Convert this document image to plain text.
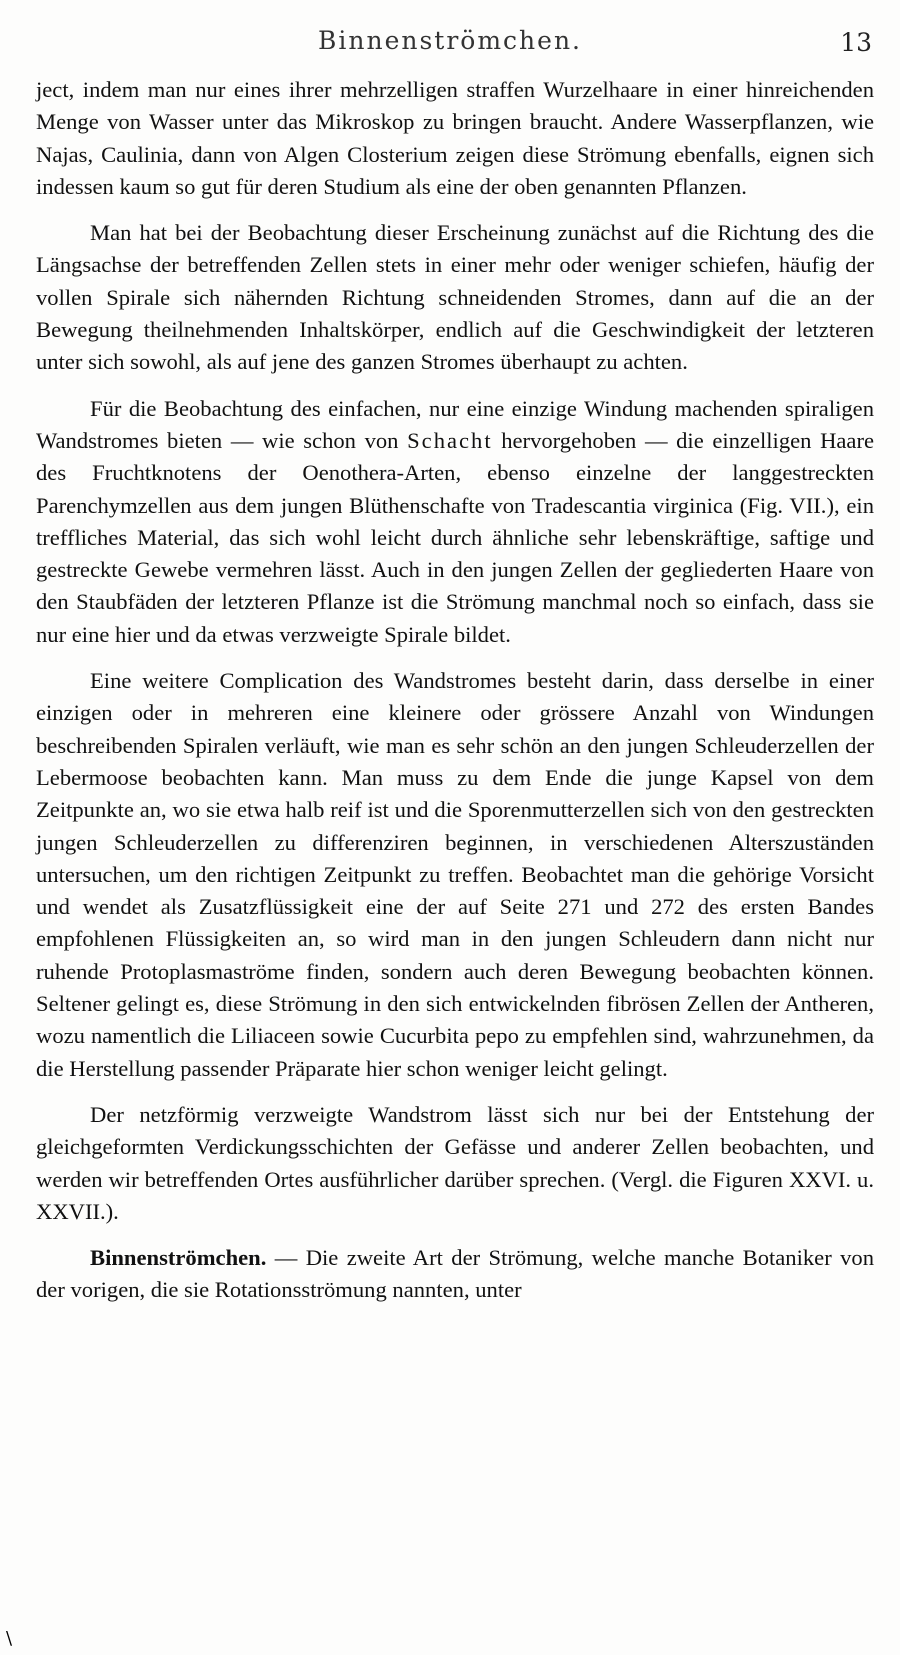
Binnenströmchen.	13

ject, indem man nur eines ihrer mehrzelligen straffen Wurzelhaare in einer hinreichenden Menge von Wasser unter das Mikroskop zu bringen braucht. Andere Wasserpflanzen, wie Najas, Caulinia, dann von Algen Closterium zeigen diese Strömung ebenfalls, eignen sich indessen kaum so gut für deren Studium als eine der oben genannten Pflanzen.

Man hat bei der Beobachtung dieser Erscheinung zunächst auf die Richtung des die Längsachse der betreffenden Zellen stets in einer mehr oder weniger schiefen, häufig der vollen Spirale sich nähernden Richtung schneidenden Stromes, dann auf die an der Bewegung theilnehmenden Inhaltskörper, endlich auf die Geschwindigkeit der letzteren unter sich sowohl, als auf jene des ganzen Stromes überhaupt zu achten.

Für die Beobachtung des einfachen, nur eine einzige Windung machenden spiraligen Wandstromes bieten — wie schon von Schacht hervorgehoben — die einzelligen Haare des Fruchtknotens der Oenothera-Arten, ebenso einzelne der langgestreckten Parenchymzellen aus dem jungen Blüthenschafte von Tradescantia virginica (Fig. VII.), ein treffliches Material, das sich wohl leicht durch ähnliche sehr lebenskräftige, saftige und gestreckte Gewebe vermehren lässt. Auch in den jungen Zellen der gegliederten Haare von den Staubfäden der letzteren Pflanze ist die Strömung manchmal noch so einfach, dass sie nur eine hier und da etwas verzweigte Spirale bildet.

Eine weitere Complication des Wandstromes besteht darin, dass derselbe in einer einzigen oder in mehreren eine kleinere oder grössere Anzahl von Windungen beschreibenden Spiralen verläuft, wie man es sehr schön an den jungen Schleuderzellen der Lebermoose beobachten kann. Man muss zu dem Ende die junge Kapsel von dem Zeitpunkte an, wo sie etwa halb reif ist und die Sporenmutterzellen sich von den gestreckten jungen Schleuderzellen zu differenziren beginnen, in verschiedenen Alterszuständen untersuchen, um den richtigen Zeitpunkt zu treffen. Beobachtet man die gehörige Vorsicht und wendet als Zusatzflüssigkeit eine der auf Seite 271 und 272 des ersten Bandes empfohlenen Flüssigkeiten an, so wird man in den jungen Schleudern dann nicht nur ruhende Protoplasmaströme finden, sondern auch deren Bewegung beobachten können. Seltener gelingt es, diese Strömung in den sich entwickelnden fibrösen Zellen der Antheren, wozu namentlich die Liliaceen sowie Cucurbita pepo zu empfehlen sind, wahrzunehmen, da die Herstellung passender Präparate hier schon weniger leicht gelingt.

Der netzförmig verzweigte Wandstrom lässt sich nur bei der Entstehung der gleichgeformten Verdickungsschichten der Gefässe und anderer Zellen beobachten, und werden wir betreffenden Ortes ausführlicher darüber sprechen. (Vergl. die Figuren XXVI. u. XXVII.).

Binnenströmchen. — Die zweite Art der Strömung, welche manche Botaniker von der vorigen, die sie Rotationsströmung nannten, unter

\
